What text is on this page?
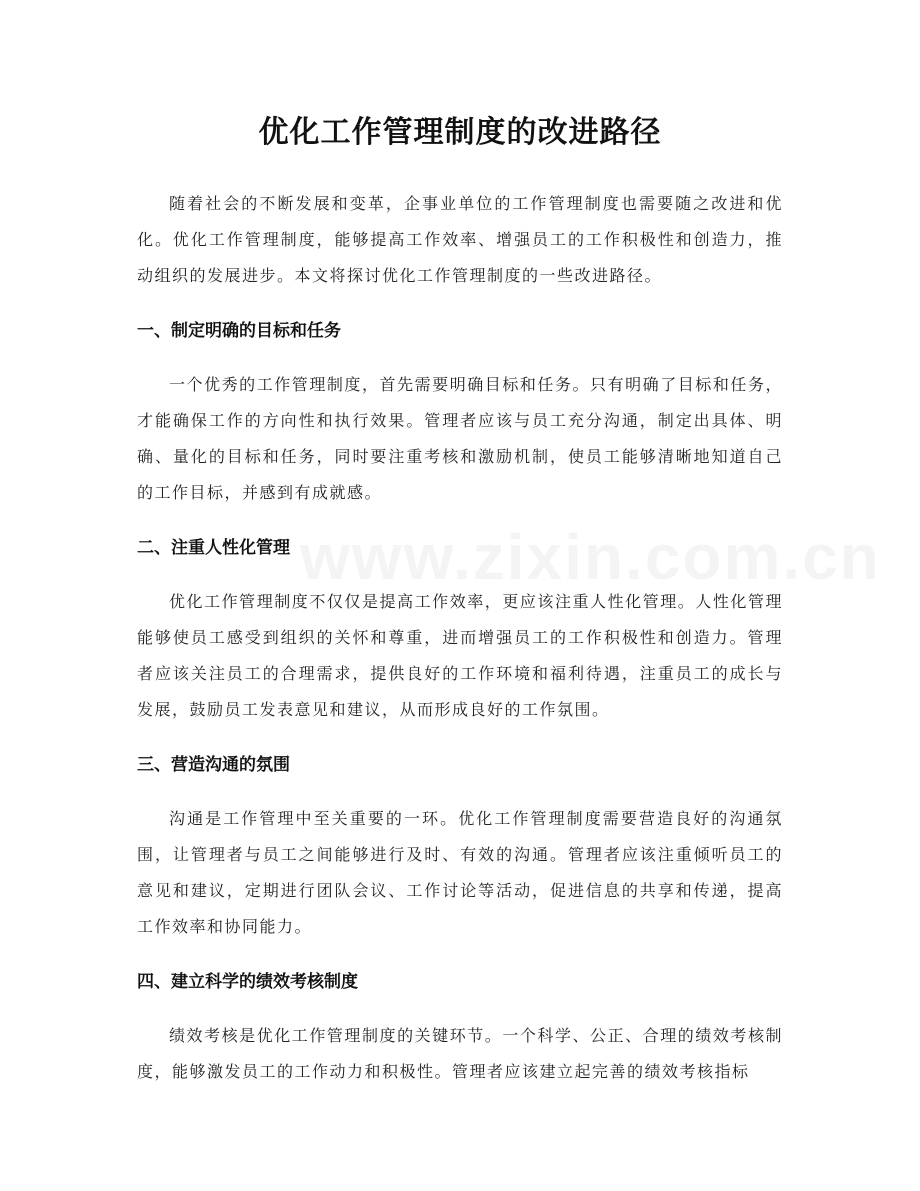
优化工作管理制度的改进路径

随着社会的不断发展和变革，企事业单位的工作管理制度也需要随之改进和优化。优化工作管理制度，能够提高工作效率、增强员工的工作积极性和创造力，推动组织的发展进步。本文将探讨优化工作管理制度的一些改进路径。

一、制定明确的目标和任务

一个优秀的工作管理制度，首先需要明确目标和任务。只有明确了目标和任务，才能确保工作的方向性和执行效果。管理者应该与员工充分沟通，制定出具体、明确、量化的目标和任务，同时要注重考核和激励机制，使员工能够清晰地知道自己的工作目标，并感到有成就感。

二、注重人性化管理

优化工作管理制度不仅仅是提高工作效率，更应该注重人性化管理。人性化管理能够使员工感受到组织的关怀和尊重，进而增强员工的工作积极性和创造力。管理者应该关注员工的合理需求，提供良好的工作环境和福利待遇，注重员工的成长与发展，鼓励员工发表意见和建议，从而形成良好的工作氛围。

三、营造沟通的氛围

沟通是工作管理中至关重要的一环。优化工作管理制度需要营造良好的沟通氛围，让管理者与员工之间能够进行及时、有效的沟通。管理者应该注重倾听员工的意见和建议，定期进行团队会议、工作讨论等活动，促进信息的共享和传递，提高工作效率和协同能力。

四、建立科学的绩效考核制度

绩效考核是优化工作管理制度的关键环节。一个科学、公正、合理的绩效考核制度，能够激发员工的工作动力和积极性。管理者应该建立起完善的绩效考核指标
